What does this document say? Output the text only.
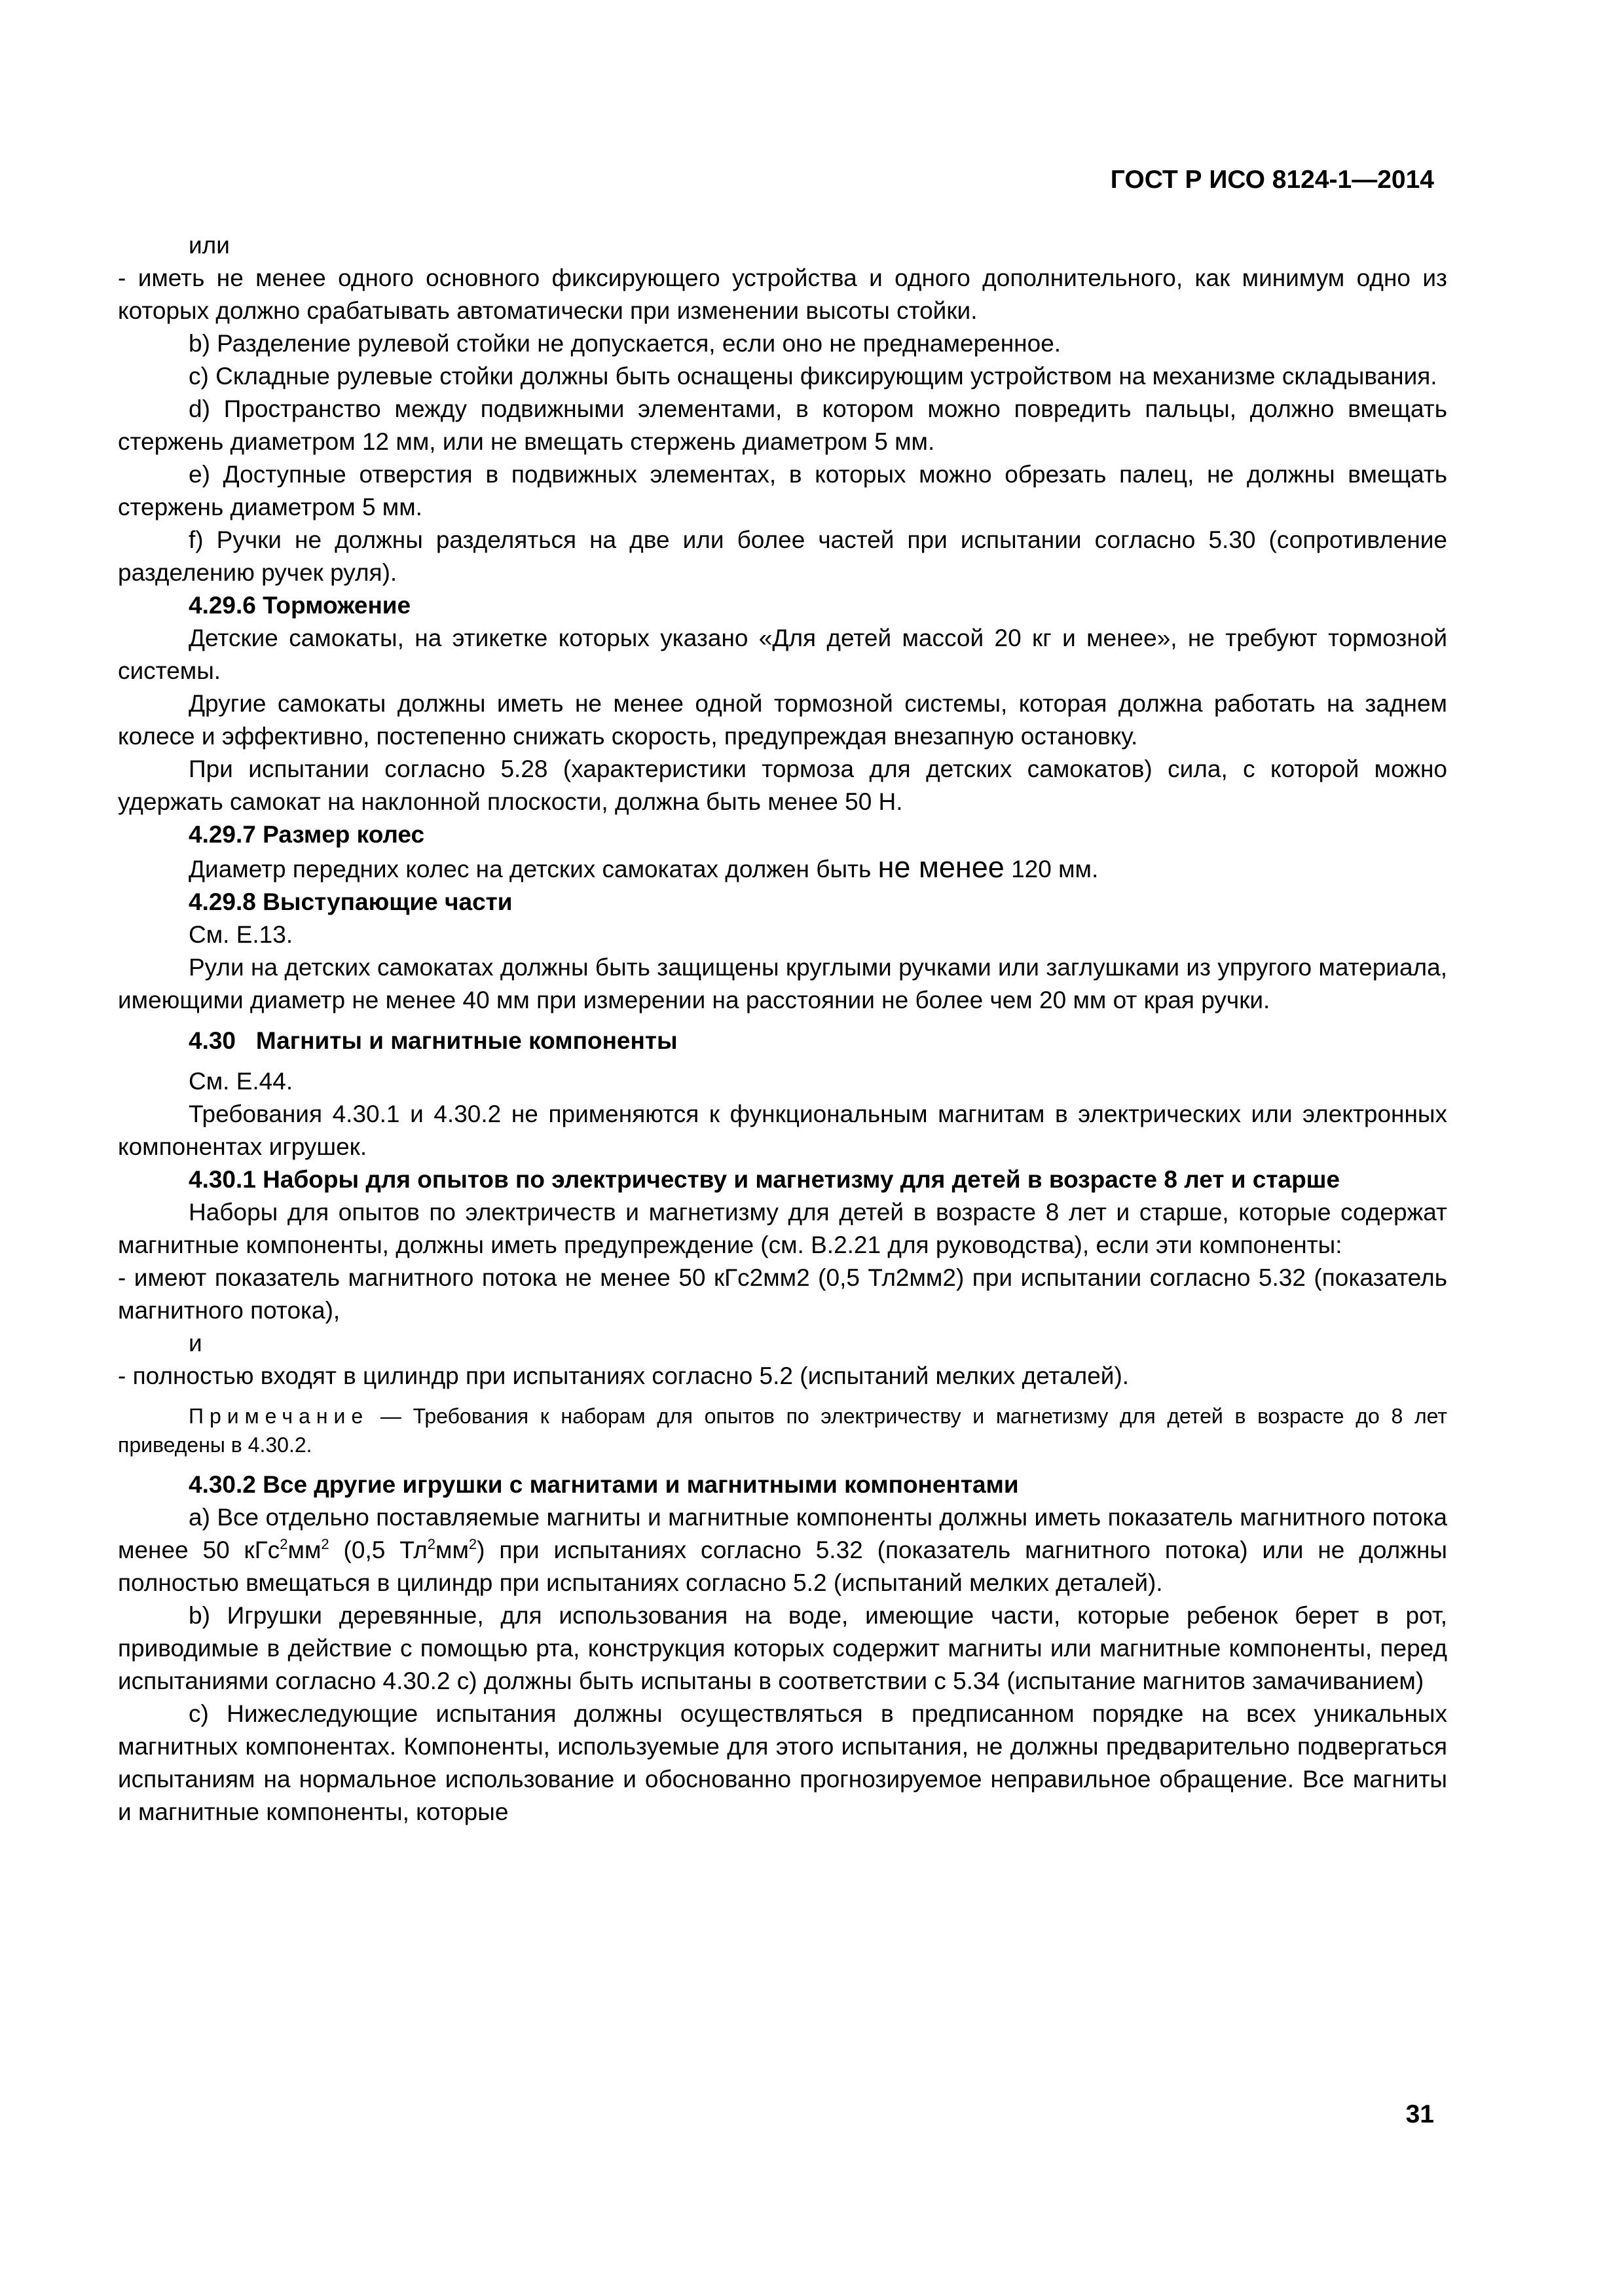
ГОСТ Р ИСО 8124-1—2014

или

- иметь не менее одного основного фиксирующего устройства и одного дополнительного, как минимум одно из которых должно срабатывать автоматически при изменении высоты стойки.

b) Разделение рулевой стойки не допускается, если оно не преднамеренное.

c) Складные рулевые стойки должны быть оснащены фиксирующим устройством на механизме складывания.

d) Пространство между подвижными элементами, в котором можно повредить пальцы, должно вмещать стержень диаметром 12 мм, или не вмещать стержень диаметром 5 мм.

e) Доступные отверстия в подвижных элементах, в которых можно обрезать палец, не должны вмещать стержень диаметром 5 мм.

f) Ручки не должны разделяться на две или более частей при испытании согласно 5.30 (сопротивление разделению ручек руля).

4.29.6 Торможение

Детские самокаты, на этикетке которых указано «Для детей массой 20 кг и менее», не требуют тормозной системы.

Другие самокаты должны иметь не менее одной тормозной системы, которая должна работать на заднем колесе и эффективно, постепенно снижать скорость, предупреждая внезапную остановку.

При испытании согласно 5.28 (характеристики тормоза для детских самокатов) сила, с которой можно удержать самокат на наклонной плоскости, должна быть менее 50 Н.

4.29.7 Размер колес

Диаметр передних колес на детских самокатах должен быть не менее 120 мм.

4.29.8 Выступающие части

См. Е.13.

Рули на детских самокатах должны быть защищены круглыми ручками или заглушками из упругого материала, имеющими диаметр не менее 40 мм при измерении на расстоянии не более чем 20 мм от края ручки.

4.30   Магниты и магнитные компоненты

См. Е.44.

Требования 4.30.1 и 4.30.2 не применяются к функциональным магнитам в электрических или электронных компонентах игрушек.

4.30.1 Наборы для опытов по электричеству и магнетизму для детей в возрасте 8 лет и старше

Наборы для опытов по электричеств и магнетизму для детей в возрасте 8 лет и старше, которые содержат магнитные компоненты, должны иметь предупреждение (см. В.2.21 для руководства), если эти компоненты:

- имеют показатель магнитного потока не менее 50 кГс2мм2 (0,5 Тл2мм2) при испытании согласно 5.32 (показатель магнитного потока),

и

- полностью входят в цилиндр при испытаниях согласно 5.2 (испытаний мелких деталей).

Примечание — Требования к наборам для опытов по электричеству и магнетизму для детей в возрасте до 8 лет приведены в 4.30.2.

4.30.2 Все другие игрушки с магнитами и магнитными компонентами

a) Все отдельно поставляемые магниты и магнитные компоненты должны иметь показатель магнитного потока менее 50 $кГс^2мм^2$ (0,5 $Тл^2мм^2$) при испытаниях согласно 5.32 (показатель магнитного потока) или не должны полностью вмещаться в цилиндр при испытаниях согласно 5.2 (испытаний мелких деталей).

b) Игрушки деревянные, для использования на воде, имеющие части, которые ребенок берет в рот, приводимые в действие с помощью рта, конструкция которых содержит магниты или магнитные компоненты, перед испытаниями согласно 4.30.2 с) должны быть испытаны в соответствии с 5.34 (испытание магнитов замачиванием)

c) Нижеследующие испытания должны осуществляться в предписанном порядке на всех уникальных магнитных компонентах. Компоненты, используемые для этого испытания, не должны предварительно подвергаться испытаниям на нормальное использование и обоснованно прогнозируемое неправильное обращение. Все магниты и магнитные компоненты, которые

31
